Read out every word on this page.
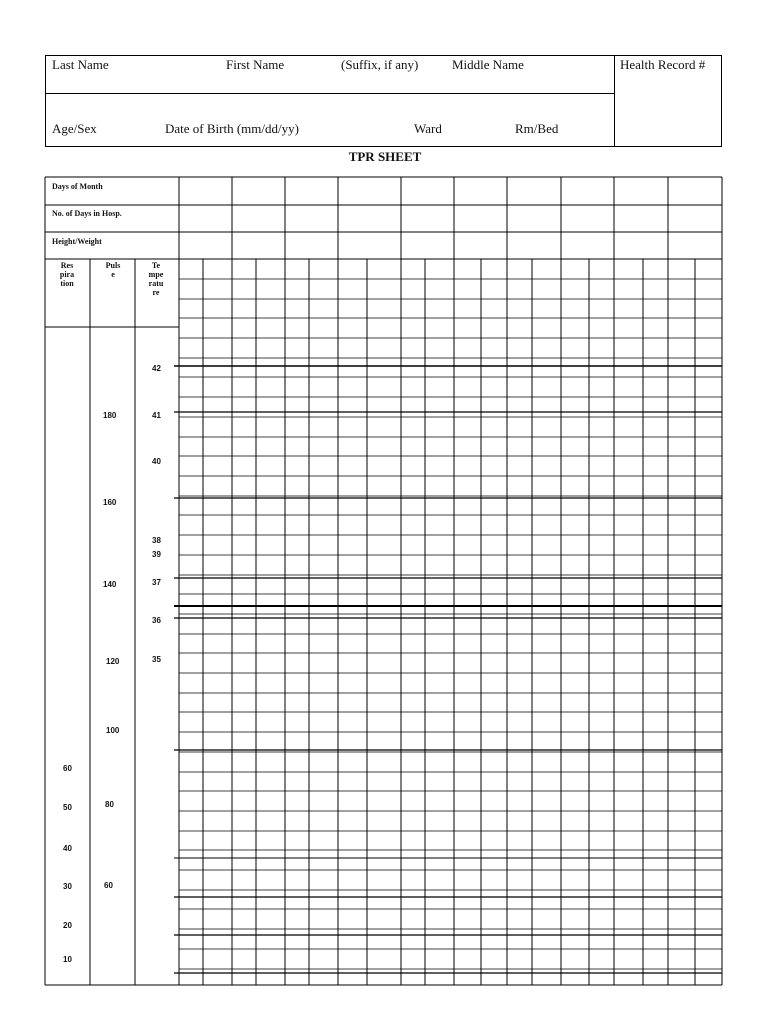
Last Name	First Name	(Suffix, if any)	Middle Name	Health Record #
Age/Sex	Date of Birth (mm/dd/yy)	Ward	Rm/Bed
TPR SHEET
Days of Month
No. of Days in Hosp.
Height/Weight
Res
pira
tion
Puls
e
Te
mpe
ratu
re
42
41
40
38
39
37
36
35
180
160
140
120
100
80
60
60
50
40
30
20
10
